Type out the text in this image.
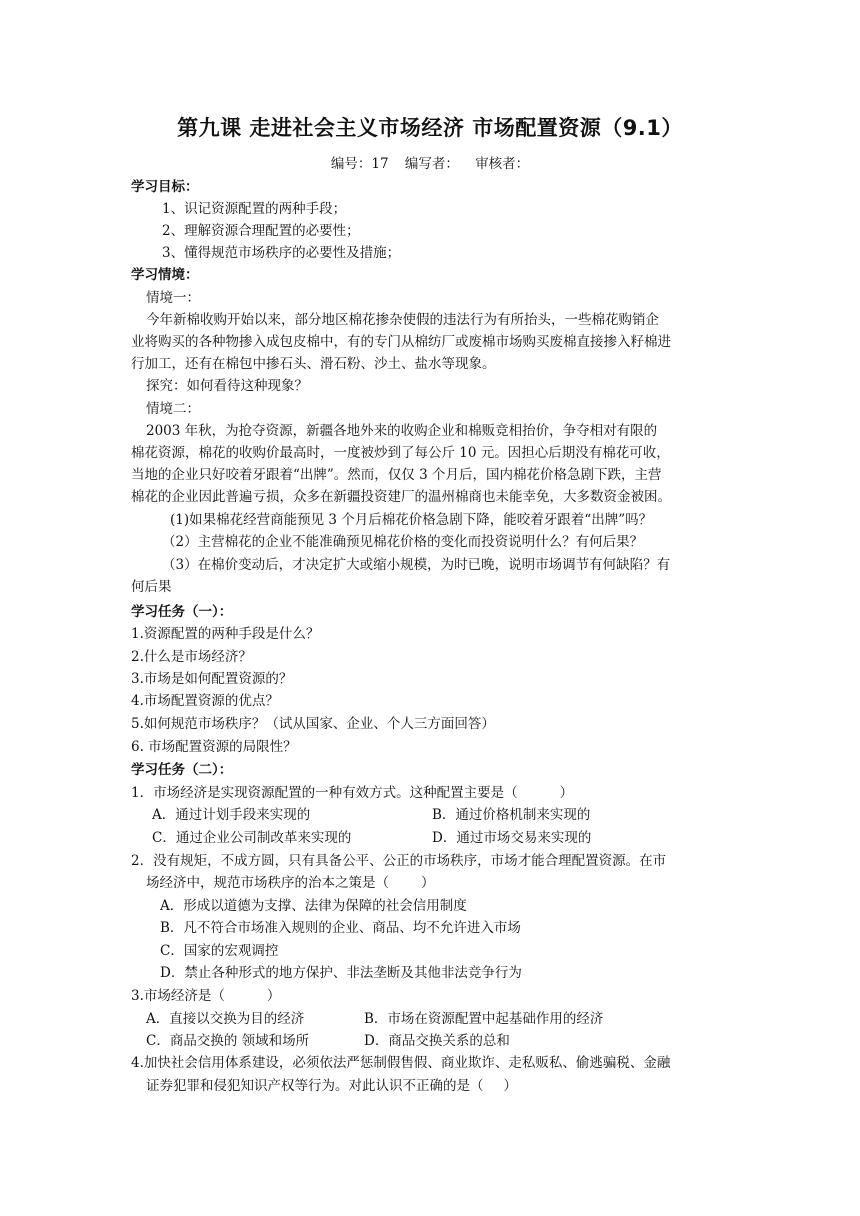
第九课 走进社会主义市场经济 市场配置资源（9.1）
编号：17 编写者： 审核者：
学习目标：
1、识记资源配置的两种手段；
2、理解资源合理配置的必要性；
3、懂得规范市场秩序的必要性及措施；
学习情境：
情境一：
今年新棉收购开始以来，部分地区棉花掺杂使假的违法行为有所抬头，一些棉花购销企
业将购买的各种物掺入成包皮棉中，有的专门从棉纺厂或废棉市场购买废棉直接掺入籽棉进
行加工，还有在棉包中掺石头、滑石粉、沙土、盐水等现象。
探究：如何看待这种现象？
情境二：
2003 年秋，为抢夺资源，新疆各地外来的收购企业和棉贩竞相抬价，争夺相对有限的
棉花资源，棉花的收购价最高时，一度被炒到了每公斤 10 元。因担心后期没有棉花可收，
当地的企业只好咬着牙跟着“出牌”。然而，仅仅 3 个月后，国内棉花价格急剧下跌，主营
棉花的企业因此普遍亏损，众多在新疆投资建厂的温州棉商也未能幸免，大多数资金被困。
(1)如果棉花经营商能预见 3 个月后棉花价格急剧下降，能咬着牙跟着“出牌”吗？
（2）主营棉花的企业不能准确预见棉花价格的变化而投资说明什么？有何后果？
（3）在棉价变动后，才决定扩大或缩小规模，为时已晚，说明市场调节有何缺陷？有
何后果
学习任务（一）：
1.资源配置的两种手段是什么？
2.什么是市场经济？
3.市场是如何配置资源的？
4.市场配置资源的优点？
5.如何规范市场秩序？（试从国家、企业、个人三方面回答）
6. 市场配置资源的局限性？
学习任务（二）：
1．市场经济是实现资源配置的一种有效方式。这种配置主要是（	）
A．通过计划手段来实现的	B．通过价格机制来实现的
C．通过企业公司制改革来实现的	D．通过市场交易来实现的
2．没有规矩，不成方圆，只有具备公平、公正的市场秩序，市场才能合理配置资源。在市
场经济中，规范市场秩序的治本之策是（ ）
A．形成以道德为支撑、法律为保障的社会信用制度
B．凡不符合市场准入规则的企业、商品、均不允许进入市场
C．国家的宏观调控
D．禁止各种形式的地方保护、非法垄断及其他非法竞争行为
3.市场经济是（	）
A．直接以交换为目的经济	B．市场在资源配置中起基础作用的经济
C．商品交换的 领域和场所	D．商品交换关系的总和
4.加快社会信用体系建设，必须依法严惩制假售假、商业欺诈、走私贩私、偷逃骗税、金融
证券犯罪和侵犯知识产权等行为。对此认识不正确的是（ ）
